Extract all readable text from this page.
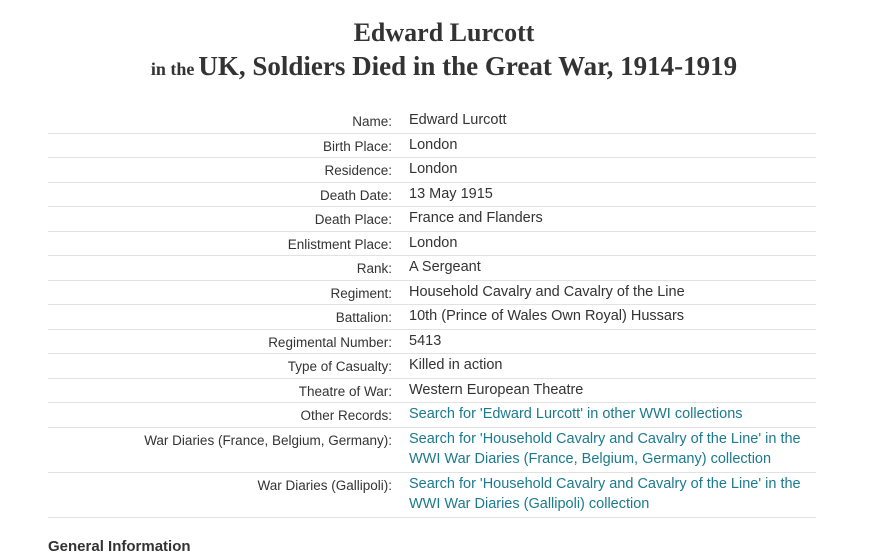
Edward Lurcott
in the UK, Soldiers Died in the Great War, 1914-1919
Name:	Edward Lurcott
Birth Place:	London
Residence:	London
Death Date:	13 May 1915
Death Place:	France and Flanders
Enlistment Place:	London
Rank:	A Sergeant
Regiment:	Household Cavalry and Cavalry of the Line
Battalion:	10th (Prince of Wales Own Royal) Hussars
Regimental Number:	5413
Type of Casualty:	Killed in action
Theatre of War:	Western European Theatre
Other Records:	Search for 'Edward Lurcott' in other WWI collections
War Diaries (France, Belgium, Germany):	Search for 'Household Cavalry and Cavalry of the Line' in the WWI War Diaries (France, Belgium, Germany) collection
War Diaries (Gallipoli):	Search for 'Household Cavalry and Cavalry of the Line' in the WWI War Diaries (Gallipoli) collection
General Information
